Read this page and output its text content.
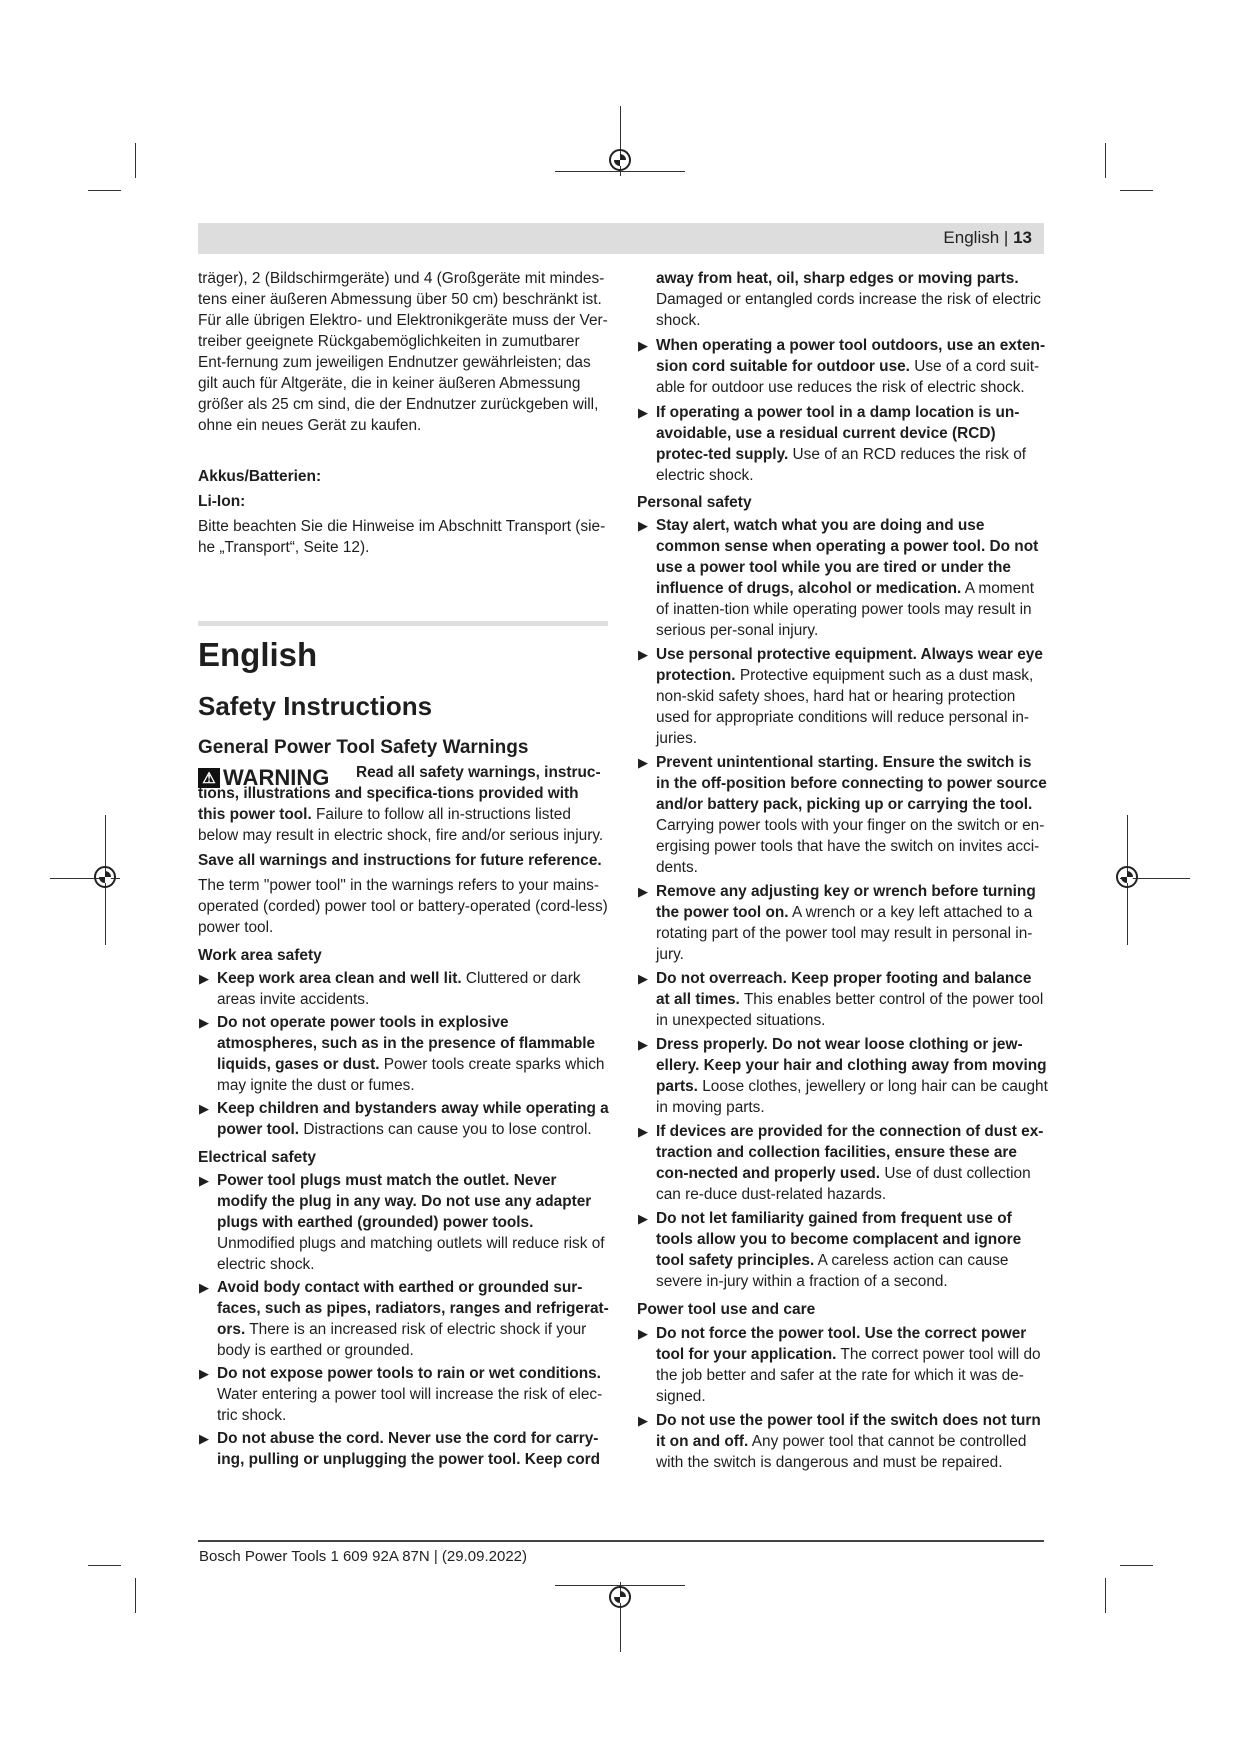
English | 13

träger), 2 (Bildschirmgeräte) und 4 (Großgeräte mit mindes-tens einer äußeren Abmessung über 50 cm) beschränkt ist. Für alle übrigen Elektro- und Elektronikgeräte muss der Ver-treiber geeignete Rückgabemöglichkeiten in zumutbarer Ent-fernung zum jeweiligen Endnutzer gewährleisten; das gilt auch für Altgeräte, die in keiner äußeren Abmessung größer als 25 cm sind, die der Endnutzer zurückgeben will, ohne ein neues Gerät zu kaufen.

Akkus/Batterien:

Li-Ion:

Bitte beachten Sie die Hinweise im Abschnitt Transport (sie-he „Transport“, Seite 12).

English
Safety Instructions
General Power Tool Safety Warnings
⚠ WARNING	Read all safety warnings, instruc-tions, illustrations and specifica-tions provided with this power tool. Failure to follow all in-structions listed below may result in electric shock, fire and/or serious injury.

Save all warnings and instructions for future reference.

The term "power tool" in the warnings refers to your mains-operated (corded) power tool or battery-operated (cord-less) power tool.

Work area safety

▶ Keep work area clean and well lit. Cluttered or dark areas invite accidents.
▶ Do not operate power tools in explosive atmospheres, such as in the presence of flammable liquids, gases or dust. Power tools create sparks which may ignite the dust or fumes.
▶ Keep children and bystanders away while operating a power tool. Distractions can cause you to lose control.

Electrical safety

▶ Power tool plugs must match the outlet. Never modify the plug in any way. Do not use any adapter plugs with earthed (grounded) power tools. Unmodified plugs and matching outlets will reduce risk of electric shock.
▶ Avoid body contact with earthed or grounded sur-faces, such as pipes, radiators, ranges and refrigerat-ors. There is an increased risk of electric shock if your body is earthed or grounded.
▶ Do not expose power tools to rain or wet conditions. Water entering a power tool will increase the risk of elec-tric shock.
▶ Do not abuse the cord. Never use the cord for carry-ing, pulling or unplugging the power tool. Keep cord
away from heat, oil, sharp edges or moving parts. Damaged or entangled cords increase the risk of electric shock.
▶ When operating a power tool outdoors, use an exten-sion cord suitable for outdoor use. Use of a cord suit-able for outdoor use reduces the risk of electric shock.
▶ If operating a power tool in a damp location is un-avoidable, use a residual current device (RCD) protec-ted supply. Use of an RCD reduces the risk of electric shock.

Personal safety

▶ Stay alert, watch what you are doing and use common sense when operating a power tool. Do not use a power tool while you are tired or under the influence of drugs, alcohol or medication. A moment of inatten-tion while operating power tools may result in serious per-sonal injury.
▶ Use personal protective equipment. Always wear eye protection. Protective equipment such as a dust mask, non-skid safety shoes, hard hat or hearing protection used for appropriate conditions will reduce personal in-juries.
▶ Prevent unintentional starting. Ensure the switch is in the off-position before connecting to power source and/or battery pack, picking up or carrying the tool. Carrying power tools with your finger on the switch or en-ergising power tools that have the switch on invites acci-dents.
▶ Remove any adjusting key or wrench before turning the power tool on. A wrench or a key left attached to a rotating part of the power tool may result in personal in-jury.
▶ Do not overreach. Keep proper footing and balance at all times. This enables better control of the power tool in unexpected situations.
▶ Dress properly. Do not wear loose clothing or jew-ellery. Keep your hair and clothing away from moving parts. Loose clothes, jewellery or long hair can be caught in moving parts.
▶ If devices are provided for the connection of dust ex-traction and collection facilities, ensure these are con-nected and properly used. Use of dust collection can re-duce dust-related hazards.
▶ Do not let familiarity gained from frequent use of tools allow you to become complacent and ignore tool safety principles. A careless action can cause severe in-jury within a fraction of a second.

Power tool use and care

▶ Do not force the power tool. Use the correct power tool for your application. The correct power tool will do the job better and safer at the rate for which it was de-signed.
▶ Do not use the power tool if the switch does not turn it on and off. Any power tool that cannot be controlled with the switch is dangerous and must be repaired.
Bosch Power Tools 1 609 92A 87N | (29.09.2022)
